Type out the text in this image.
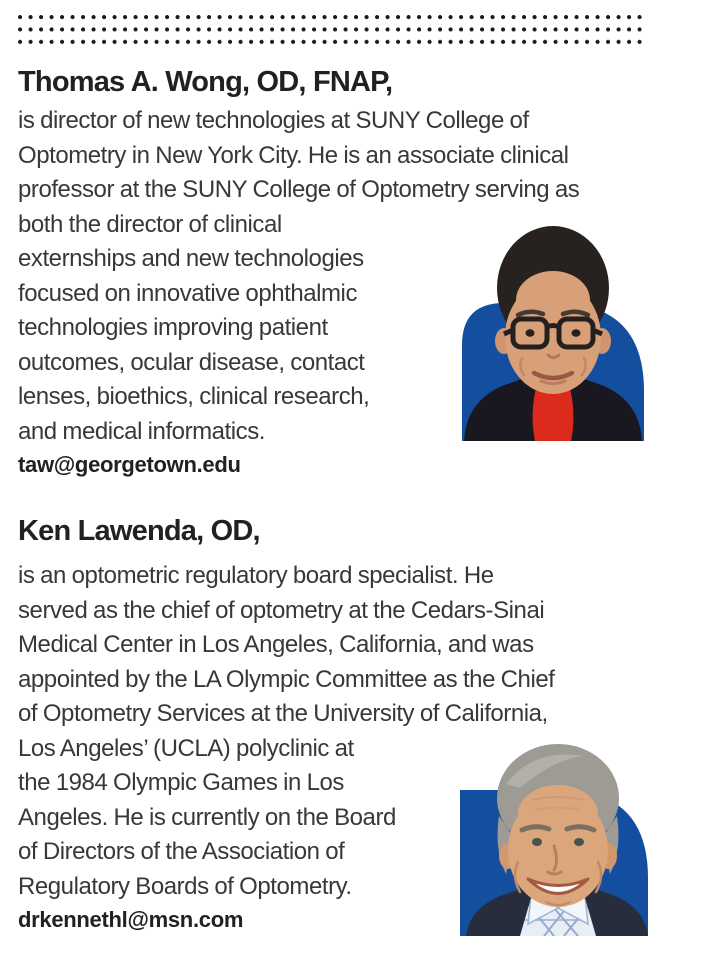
Thomas A. Wong, OD, FNAP,
is director of new technologies at SUNY College of
Optometry in New York City. He is an associate clinical
professor at the SUNY College of Optometry serving as
both the director of clinical
externships and new technologies
focused on innovative ophthalmic
technologies improving patient
outcomes, ocular disease, contact
lenses, bioethics, clinical research,
and medical informatics.
taw@georgetown.edu
Ken Lawenda, OD,
is an optometric regulatory board specialist. He
served as the chief of optometry at the Cedars-Sinai
Medical Center in Los Angeles, California, and was
appointed by the LA Olympic Committee as the Chief
of Optometry Services at the University of California,
Los Angeles’ (UCLA) polyclinic at
the 1984 Olympic Games in Los
Angeles. He is currently on the Board
of Directors of the Association of
Regulatory Boards of Optometry.
drkennethl@msn.com
